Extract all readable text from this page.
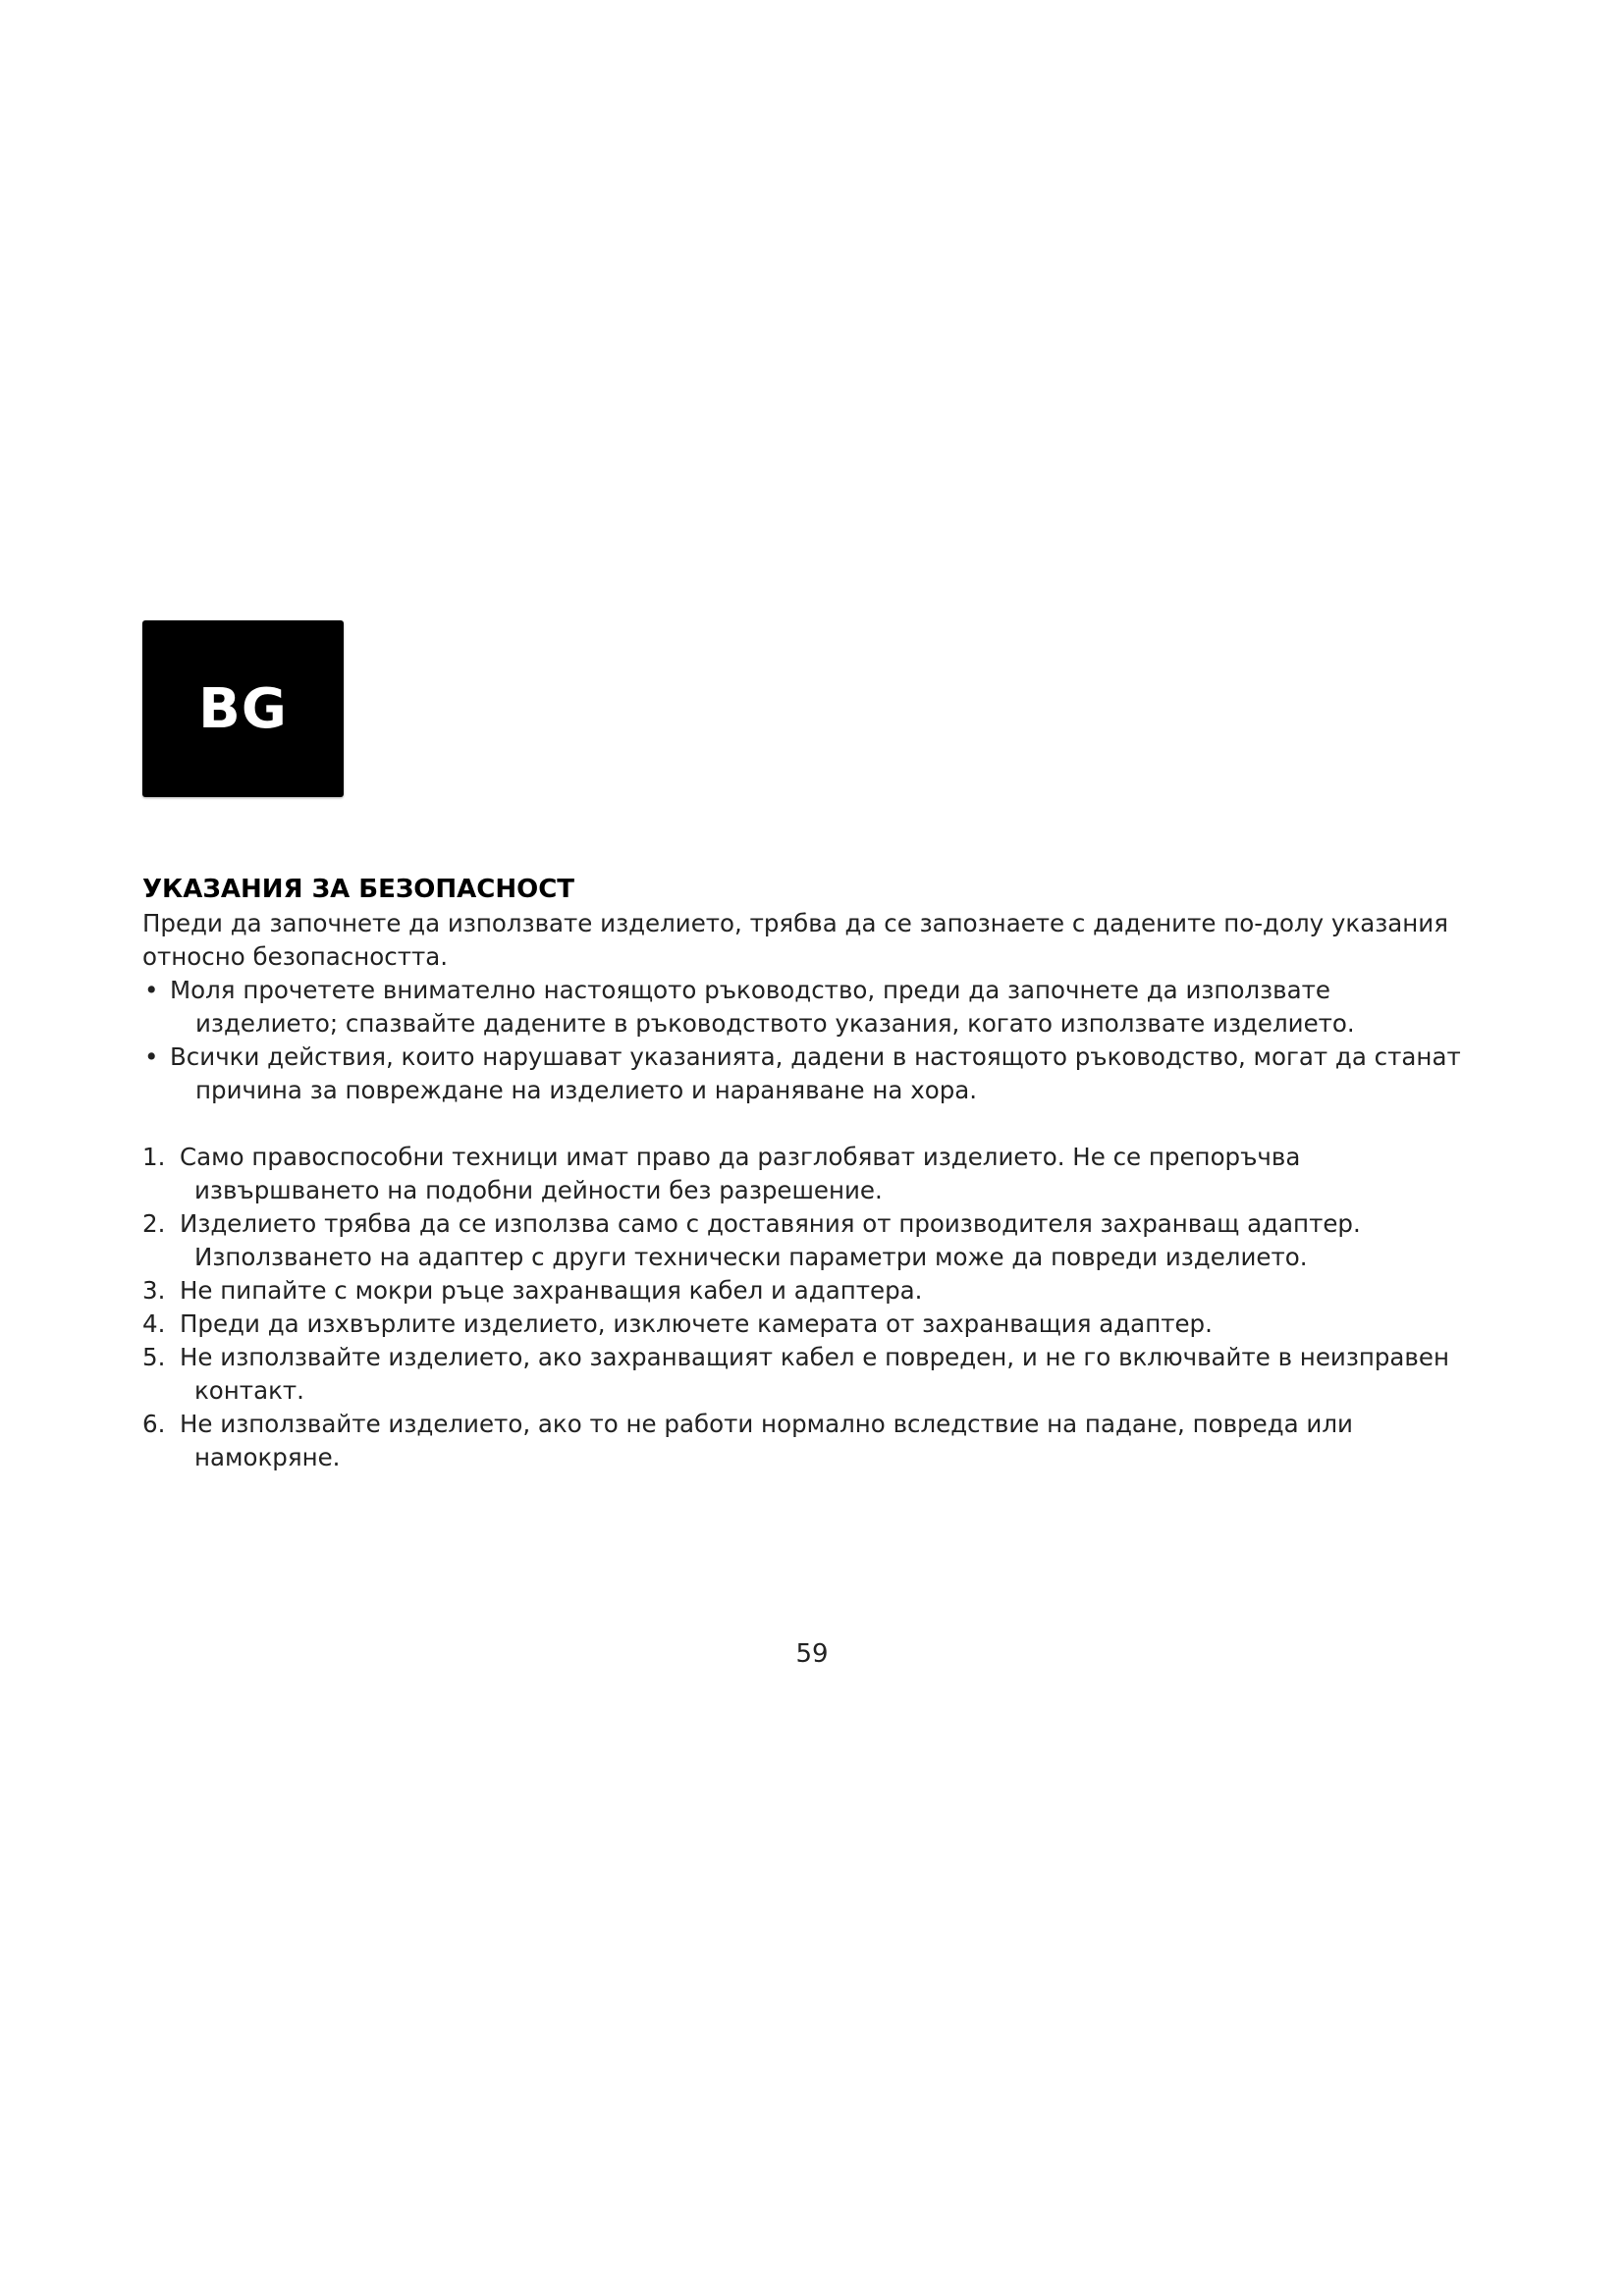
BG
УКАЗАНИЯ ЗА БЕЗОПАСНОСТ

Преди да започнете да използвате изделието, трябва да се запознаете с дадените по-долу указания
относно безопасността.

• Моля прочетете внимателно настоящото ръководство, преди да започнете да използвате
изделието; спазвайте дадените в ръководството указания, когато използвате изделието.
• Всички действия, които нарушават указанията, дадени в настоящото ръководство, могат да станат
причина за повреждане на изделието и нараняване на хора.
1. Само правоспособни техници имат право да разглобяват изделието. Не се препоръчва
извършването на подобни дейности без разрешение.
2. Изделието трябва да се използва само с доставяния от производителя захранващ адаптер.
Използването на адаптер с други технически параметри може да повреди изделието.
3. Не пипайте с мокри ръце захранващия кабел и адаптера.
4. Преди да изхвърлите изделието, изключете камерата от захранващия адаптер.
5. Не използвайте изделието, ако захранващият кабел е повреден, и не го включвайте в неизправен
контакт.
6. Не използвайте изделието, ако то не работи нормално вследствие на падане, повреда или
намокряне.
59
